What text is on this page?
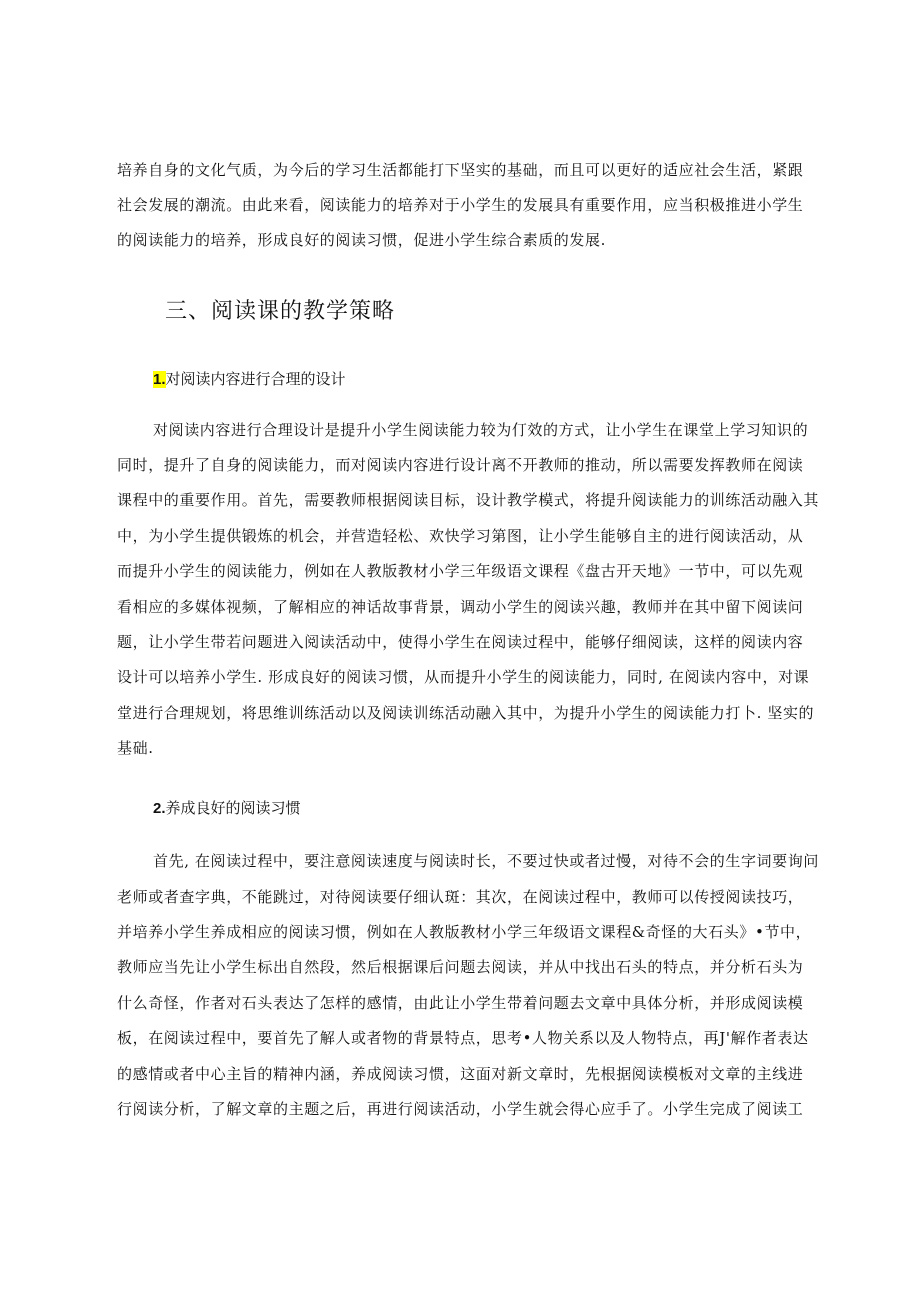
培养自身的文化气质，为今后的学习生活都能打下坚实的基础，而且可以更好的适应社会生活，紧跟
社会发展的潮流。由此来看，阅读能力的培养对于小学生的发展具有重要作用，应当积极推进小学生
的阅读能力的培养，形成良好的阅读习惯，促进小学生综合素质的发展.
三、阅读课的教学策略
1.对阅读内容进行合理的设计
对阅读内容进行合理设计是提升小学生阅读能力较为仃效的方式，让小学生在课堂上学习知识的
同时，提升了自身的阅读能力，而对阅读内容进行设计离不开教师的推动，所以需要发挥教师在阅读
课程中的重要作用。首先，需要教师根据阅读目标，设计教学模式，将提升阅读能力的训练活动融入其
中，为小学生提供锻炼的机会，并营造轻松、欢快学习第图，让小学生能够自主的进行阅读活动，从
而提升小学生的阅读能力，例如在人教版教材小学三年级语文课程《盘古开天地》一节中，可以先观
看相应的多媒体视频，了解相应的神话故事背景，调动小学生的阅读兴趣，教师并在其中留下阅读问
题，让小学生带若问题进入阅读活动中，使得小学生在阅读过程中，能够仔细阅读，这样的阅读内容
设计可以培养小学生. 形成良好的阅读习惯，从而提升小学生的阅读能力，同时, 在阅读内容中，对课
堂进行合理规划，将思维训练活动以及阅读训练活动融入其中，为提升小学生的阅读能力打卜. 坚实的
基础.
2.养成良好的阅读习惯
首先, 在阅读过程中，要注意阅读速度与阅读时长，不要过快或者过慢，对待不会的生字词要询问
老师或者查字典，不能跳过，对待阅读要仔细认斑：其次，在阅读过程中，教师可以传授阅读技巧，
并培养小学生养成相应的阅读习惯，例如在人教版教材小学三年级语文课程&奇怪的大石头》•节中，
教师应当先让小学生标出自然段，然后根据课后问题去阅读，并从中找出石头的特点，并分析石头为
什么奇怪，作者对石头表达了怎样的感情，由此让小学生带着问题去文章中具体分析，并形成阅读模
板，在阅读过程中，要首先了解人或者物的背景特点，思考•人物关系以及人物特点，再J'解作者表达
的感情或者中心主旨的精神内涵，养成阅读习惯，这面对新文章时，先根据阅读模板对文章的主线进
行阅读分析，了解文章的主题之后，再进行阅读活动，小学生就会得心应手了。小学生完成了阅读工
